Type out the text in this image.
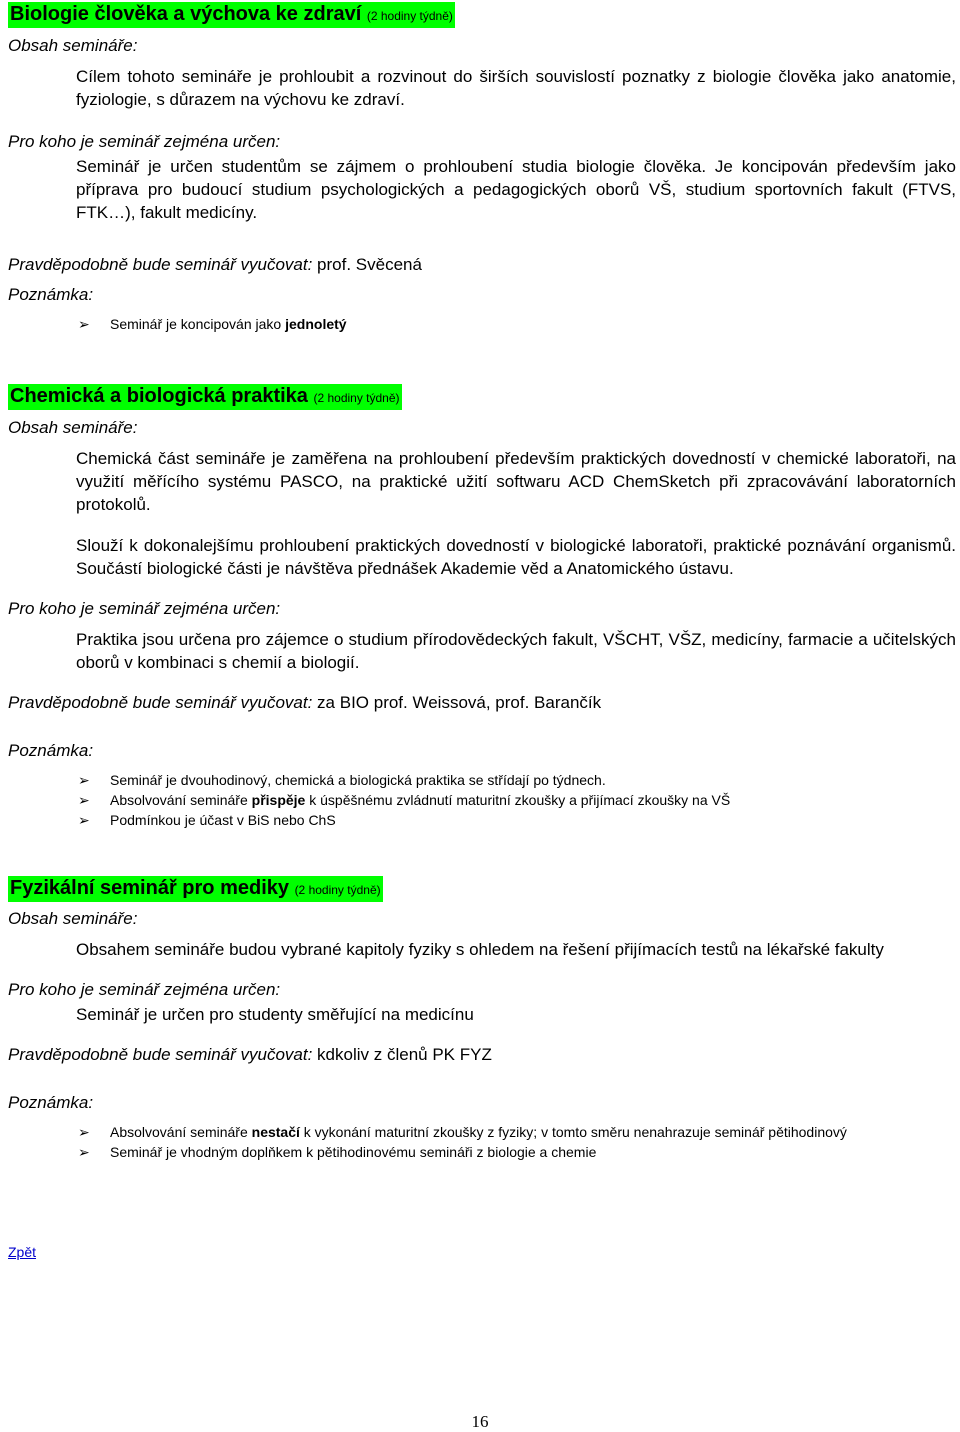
Biologie člověka a výchova ke zdraví (2 hodiny týdně)
Obsah semináře:
Cílem tohoto semináře je prohloubit a rozvinout do širších souvislostí poznatky z biologie člověka jako anatomie, fyziologie, s důrazem na výchovu ke zdraví.
Pro koho je seminář zejména určen:
Seminář je určen studentům se zájmem o prohloubení studia biologie člověka. Je koncipován především jako příprava pro budoucí studium psychologických a pedagogických oborů VŠ, studium sportovních fakult (FTVS, FTK…), fakult medicíny.
Pravděpodobně bude seminář vyučovat: prof. Svěcená
Poznámka:
➢ Seminář je koncipován jako jednoletý
Chemická a biologická praktika (2 hodiny týdně)
Obsah semináře:
Chemická část semináře je zaměřena na prohloubení především praktických dovedností v chemické laboratoři, na využití měřícího systému PASCO, na praktické užití softwaru ACD ChemSketch při zpracovávání laboratorních protokolů.
Slouží k dokonalejšímu prohloubení praktických dovedností v biologické laboratoři, praktické poznávání organismů. Součástí biologické části je návštěva přednášek Akademie věd a Anatomického ústavu.
Pro koho je seminář zejména určen:
Praktika jsou určena pro zájemce o studium přírodovědeckých fakult, VŠCHT, VŠZ, medicíny, farmacie a učitelských oborů v kombinaci s chemií a biologií.
Pravděpodobně bude seminář vyučovat: za BIO prof. Weissová, prof. Barančík
Poznámka:
➢ Seminář je dvouhodinový, chemická a biologická praktika se střídají po týdnech.
➢ Absolvování semináře přispěje k úspěšnému zvládnutí maturitní zkoušky a přijímací zkoušky na VŠ
➢ Podmínkou je účast v BiS nebo ChS
Fyzikální seminář pro mediky (2 hodiny týdně)
Obsah semináře:
Obsahem semináře budou vybrané kapitoly fyziky s ohledem na řešení přijímacích testů na lékařské fakulty
Pro koho je seminář zejména určen:
Seminář je určen pro studenty směřující na medicínu
Pravděpodobně bude seminář vyučovat: kdkoliv z členů PK FYZ
Poznámka:
➢ Absolvování semináře nestačí k vykonání maturitní zkoušky z fyziky; v tomto směru nenahrazuje seminář pětihodinový
➢ Seminář je vhodným doplňkem k pětihodinovému semináři z biologie a chemie
Zpět
16
